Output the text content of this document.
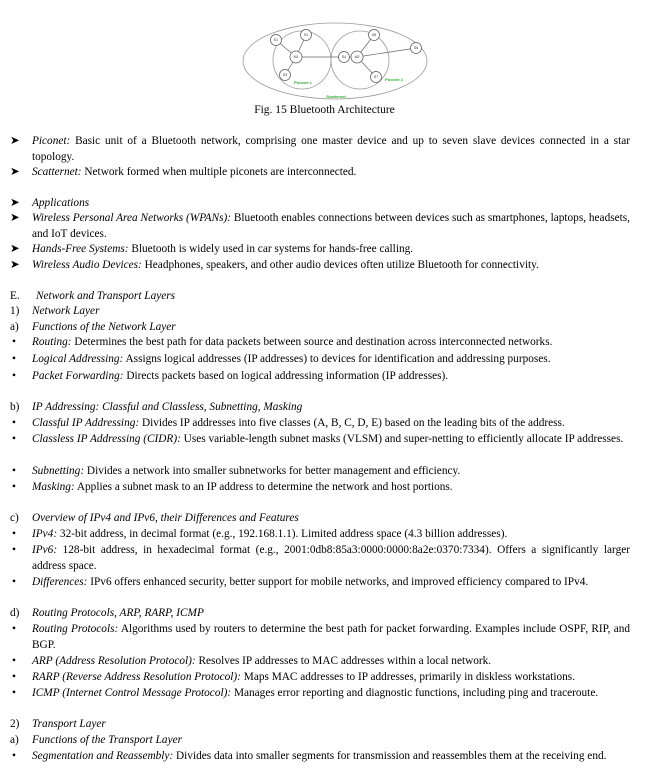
S1
S2
S3
M1	S4
S5
M2
S6
S7
Piconet 1
Piconet 2
Scatternet
Fig. 15 Bluetooth Architecture
➤	Piconet: Basic unit of a Bluetooth network, comprising one master device and up to seven slave devices connected in a star topology.
➤	Scatternet: Network formed when multiple piconets are interconnected.
➤	Applications
➤	Wireless Personal Area Networks (WPANs): Bluetooth enables connections between devices such as smartphones, laptops, headsets, and IoT devices.
➤	Hands-Free Systems: Bluetooth is widely used in car systems for hands-free calling.
➤	Wireless Audio Devices: Headphones, speakers, and other audio devices often utilize Bluetooth for connectivity.
E. Network and Transport Layers
1) Network Layer
a) Functions of the Network Layer
•	Routing: Determines the best path for data packets between source and destination across interconnected networks.
•	Logical Addressing: Assigns logical addresses (IP addresses) to devices for identification and addressing purposes.
•	Packet Forwarding: Directs packets based on logical addressing information (IP addresses).
b) IP Addressing: Classful and Classless, Subnetting, Masking
•	Classful IP Addressing: Divides IP addresses into five classes (A, B, C, D, E) based on the leading bits of the address.
•	Classless IP Addressing (CIDR): Uses variable-length subnet masks (VLSM) and super-netting to efficiently allocate IP addresses.
•	Subnetting: Divides a network into smaller subnetworks for better management and efficiency.
•	Masking: Applies a subnet mask to an IP address to determine the network and host portions.
c) Overview of IPv4 and IPv6, their Differences and Features
•	IPv4: 32-bit address, in decimal format (e.g., 192.168.1.1). Limited address space (4.3 billion addresses).
•	IPv6: 128-bit address, in hexadecimal format (e.g., 2001:0db8:85a3:0000:0000:8a2e:0370:7334). Offers a significantly larger address space.
•	Differences: IPv6 offers enhanced security, better support for mobile networks, and improved efficiency compared to IPv4.
d) Routing Protocols, ARP, RARP, ICMP
•	Routing Protocols: Algorithms used by routers to determine the best path for packet forwarding. Examples include OSPF, RIP, and BGP.
•	ARP (Address Resolution Protocol): Resolves IP addresses to MAC addresses within a local network.
•	RARP (Reverse Address Resolution Protocol): Maps MAC addresses to IP addresses, primarily in diskless workstations.
•	ICMP (Internet Control Message Protocol): Manages error reporting and diagnostic functions, including ping and traceroute.
2) Transport Layer
a) Functions of the Transport Layer
•	Segmentation and Reassembly: Divides data into smaller segments for transmission and reassembles them at the receiving end.
